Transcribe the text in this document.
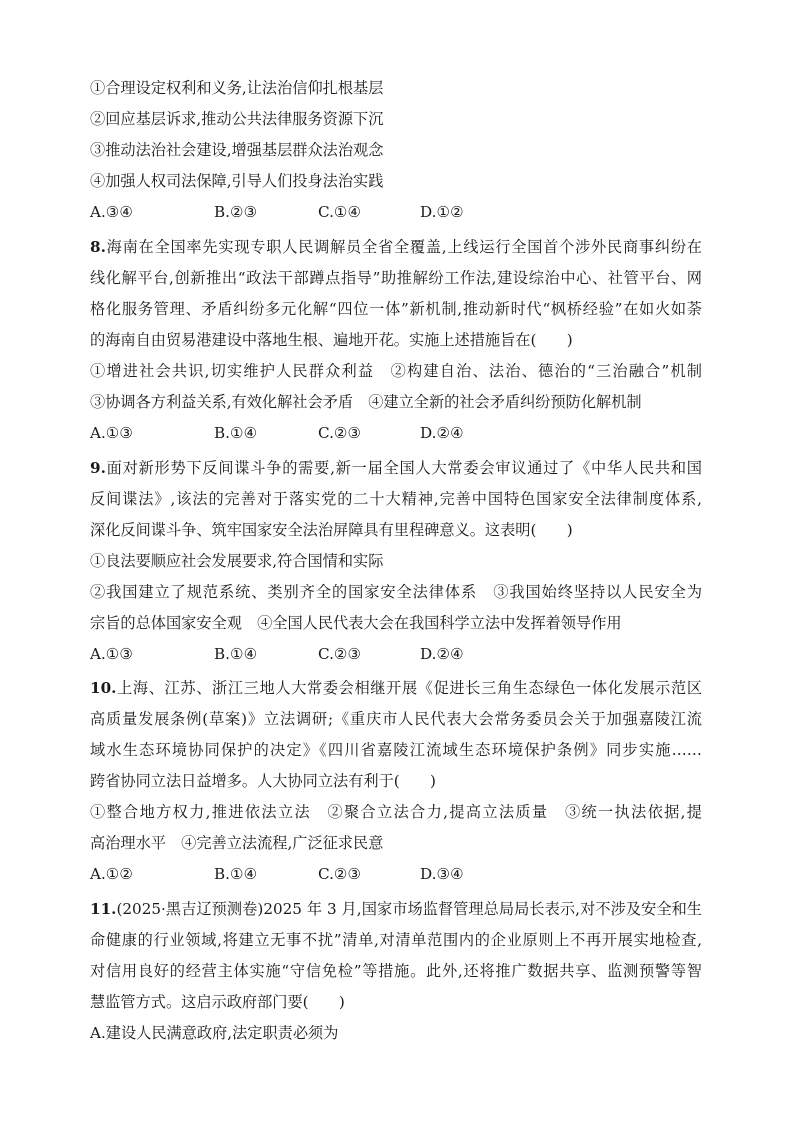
①合理设定权利和义务,让法治信仰扎根基层
②回应基层诉求,推动公共法律服务资源下沉
③推动法治社会建设,增强基层群众法治观念
④加强人权司法保障,引导人们投身法治实践
A.③④	B.②③	C.①④	D.①②
8.海南在全国率先实现专职人民调解员全省全覆盖,上线运行全国首个涉外民商事纠纷在
线化解平台,创新推出“政法干部蹲点指导”助推解纷工作法,建设综治中心、社管平台、网
格化服务管理、矛盾纠纷多元化解“四位一体”新机制,推动新时代“枫桥经验”在如火如荼
的海南自由贸易港建设中落地生根、遍地开花。实施上述措施旨在(　　)
①增进社会共识,切实维护人民群众利益　②构建自治、法治、德治的“三治融合”机制
③协调各方利益关系,有效化解社会矛盾　④建立全新的社会矛盾纠纷预防化解机制
A.①③	B.①④	C.②③	D.②④
9.面对新形势下反间谍斗争的需要,新一届全国人大常委会审议通过了《中华人民共和国
反间谍法》,该法的完善对于落实党的二十大精神,完善中国特色国家安全法律制度体系,
深化反间谍斗争、筑牢国家安全法治屏障具有里程碑意义。这表明(　　)
①良法要顺应社会发展要求,符合国情和实际
②我国建立了规范系统、类别齐全的国家安全法律体系　③我国始终坚持以人民安全为
宗旨的总体国家安全观　④全国人民代表大会在我国科学立法中发挥着领导作用
A.①③	B.①④	C.②③	D.②④
10.上海、江苏、浙江三地人大常委会相继开展《促进长三角生态绿色一体化发展示范区
高质量发展条例(草案)》立法调研;《重庆市人民代表大会常务委员会关于加强嘉陵江流
域水生态环境协同保护的决定》《四川省嘉陵江流域生态环境保护条例》同步实施……
跨省协同立法日益增多。人大协同立法有利于(　　)
①整合地方权力,推进依法立法　②聚合立法合力,提高立法质量　③统一执法依据,提
高治理水平　④完善立法流程,广泛征求民意
A.①②	B.①④	C.②③	D.③④
11.(2025·黑吉辽预测卷)2025 年 3 月,国家市场监督管理总局局长表示,对不涉及安全和生
命健康的行业领域,将建立无事不扰”清单,对清单范围内的企业原则上不再开展实地检查,
对信用良好的经营主体实施“守信免检”等措施。此外,还将推广数据共享、监测预警等智
慧监管方式。这启示政府部门要(　　)
A.建设人民满意政府,法定职责必须为
